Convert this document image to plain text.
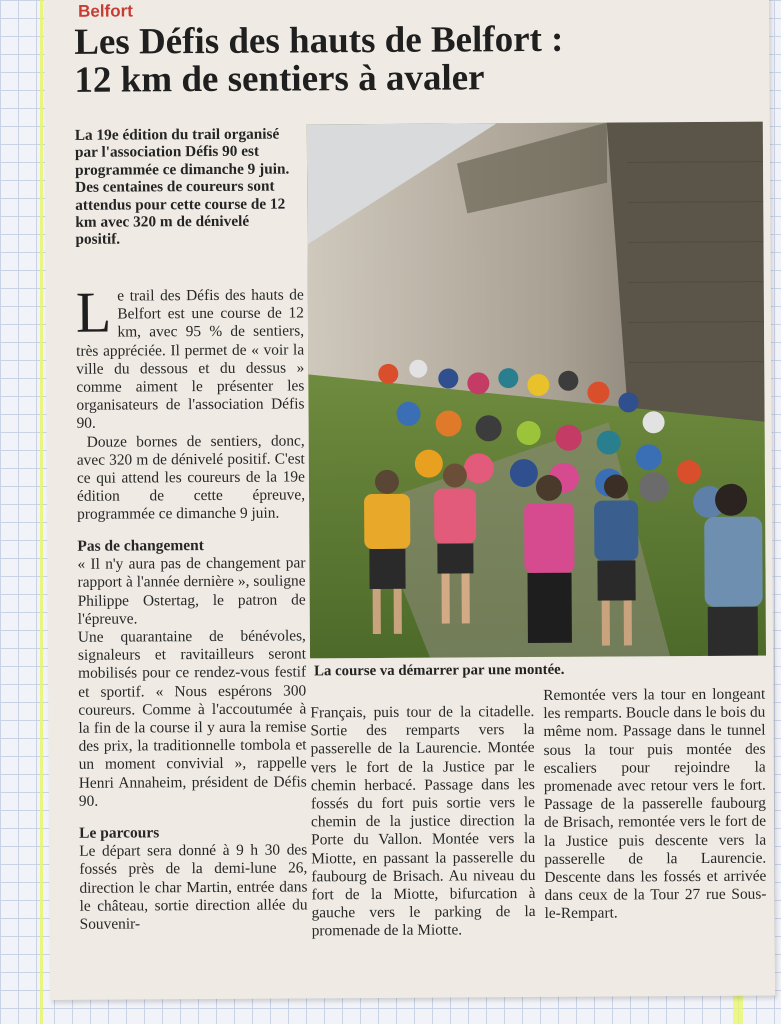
Belfort
Les Défis des hauts de Belfort :
12 km de sentiers à avaler

La 19e édition du trail organisé par l'association Défis 90 est programmée ce dimanche 9 juin. Des centaines de coureurs sont attendus pour cette course de 12 km avec 320 m de dénivelé positif.

Le trail des Défis des hauts de Belfort est une course de 12 km, avec 95 % de sentiers, très appréciée. Il permet de « voir la ville du dessous et du dessus » comme aiment le présenter les organisateurs de l'association Défis 90.

Douze bornes de sentiers, donc, avec 320 m de dénivelé positif. C'est ce qui attend les coureurs de la 19e édition de cette épreuve, programmée ce dimanche 9 juin.

Pas de changement

« Il n'y aura pas de changement par rapport à l'année dernière », souligne Philippe Ostertag, le patron de l'épreuve.

Une quarantaine de bénévoles, signaleurs et ravitailleurs seront mobilisés pour ce rendez-vous festif et sportif. « Nous espérons 300 coureurs. Comme à l'accoutumée à la fin de la course il y aura la remise des prix, la traditionnelle tombola et un moment convivial », rappelle Henri Annaheim, président de Défis 90.

Le parcours

Le départ sera donné à 9 h 30 des fossés près de la demi-lune 26, direction le char Martin, entrée dans le château, sortie direction allée du Souvenir-

La course va démarrer par une montée.

Français, puis tour de la citadelle. Sortie des remparts vers la passerelle de la Laurencie. Montée vers le fort de la Justice par le chemin herbacé. Passage dans les fossés du fort puis sortie vers le chemin de la justice direction la Porte du Vallon. Montée vers la Miotte, en passant la passerelle du faubourg de Brisach. Au niveau du fort de la Miotte, bifurcation à gauche vers le parking de la promenade de la Miotte.

Remontée vers la tour en longeant les remparts. Boucle dans le bois du même nom. Passage dans le tunnel sous la tour puis montée des escaliers pour rejoindre la promenade avec retour vers le fort. Passage de la passerelle faubourg de Brisach, remontée vers le fort de la Justice puis descente vers la passerelle de la Laurencie. Descente dans les fossés et arrivée dans ceux de la Tour 27 rue Sous-le-Rempart.
